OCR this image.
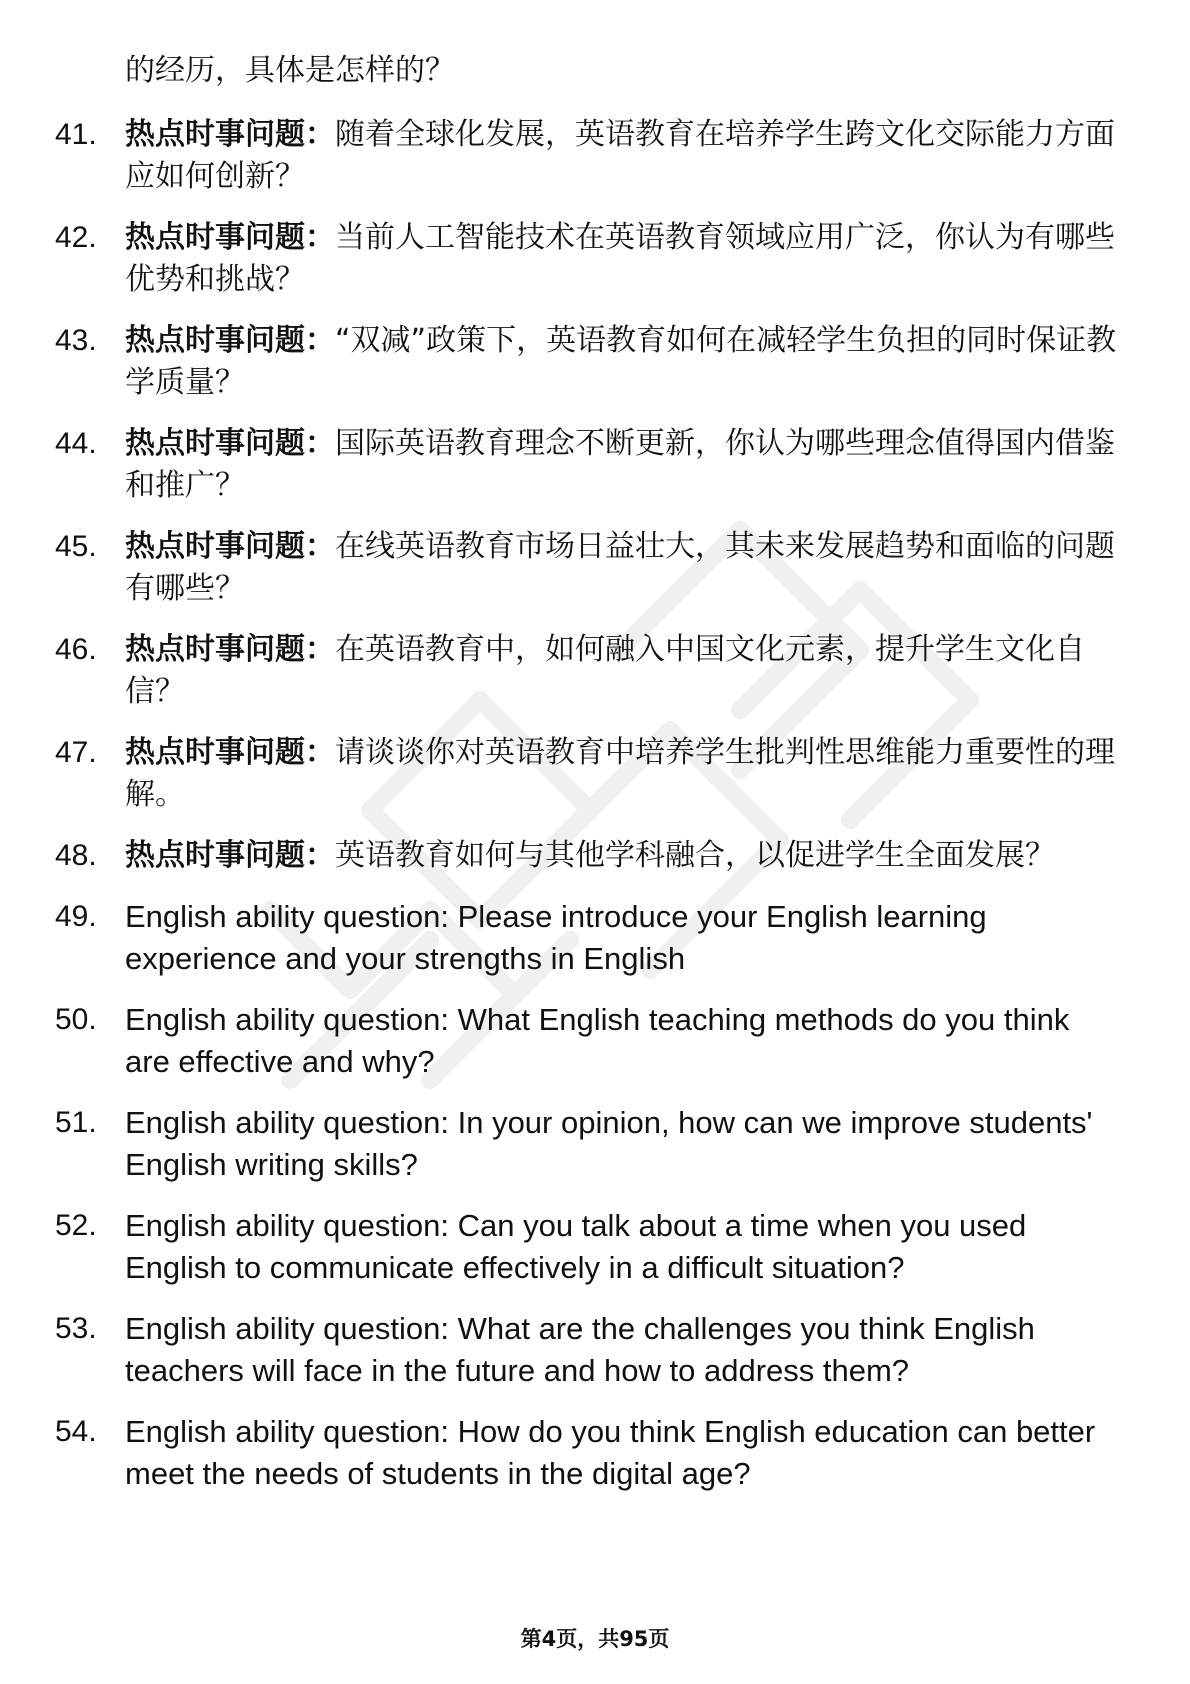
的经历，具体是怎样的？
41. 热点时事问题：随着全球化发展，英语教育在培养学生跨文化交际能力方面应如何创新？
42. 热点时事问题：当前人工智能技术在英语教育领域应用广泛，你认为有哪些优势和挑战？
43. 热点时事问题：“双减”政策下，英语教育如何在减轻学生负担的同时保证教学质量？
44. 热点时事问题：国际英语教育理念不断更新，你认为哪些理念值得国内借鉴和推广？
45. 热点时事问题：在线英语教育市场日益壮大，其未来发展趋势和面临的问题有哪些？
46. 热点时事问题：在英语教育中，如何融入中国文化元素，提升学生文化自信？
47. 热点时事问题：请谈谈你对英语教育中培养学生批判性思维能力重要性的理解。
48. 热点时事问题：英语教育如何与其他学科融合，以促进学生全面发展？
49. English ability question: Please introduce your English learning experience and your strengths in English
50. English ability question: What English teaching methods do you think are effective and why?
51. English ability question: In your opinion, how can we improve students' English writing skills?
52. English ability question: Can you talk about a time when you used English to communicate effectively in a difficult situation?
53. English ability question: What are the challenges you think English teachers will face in the future and how to address them?
54. English ability question: How do you think English education can better meet the needs of students in the digital age?
第4页，共95页
